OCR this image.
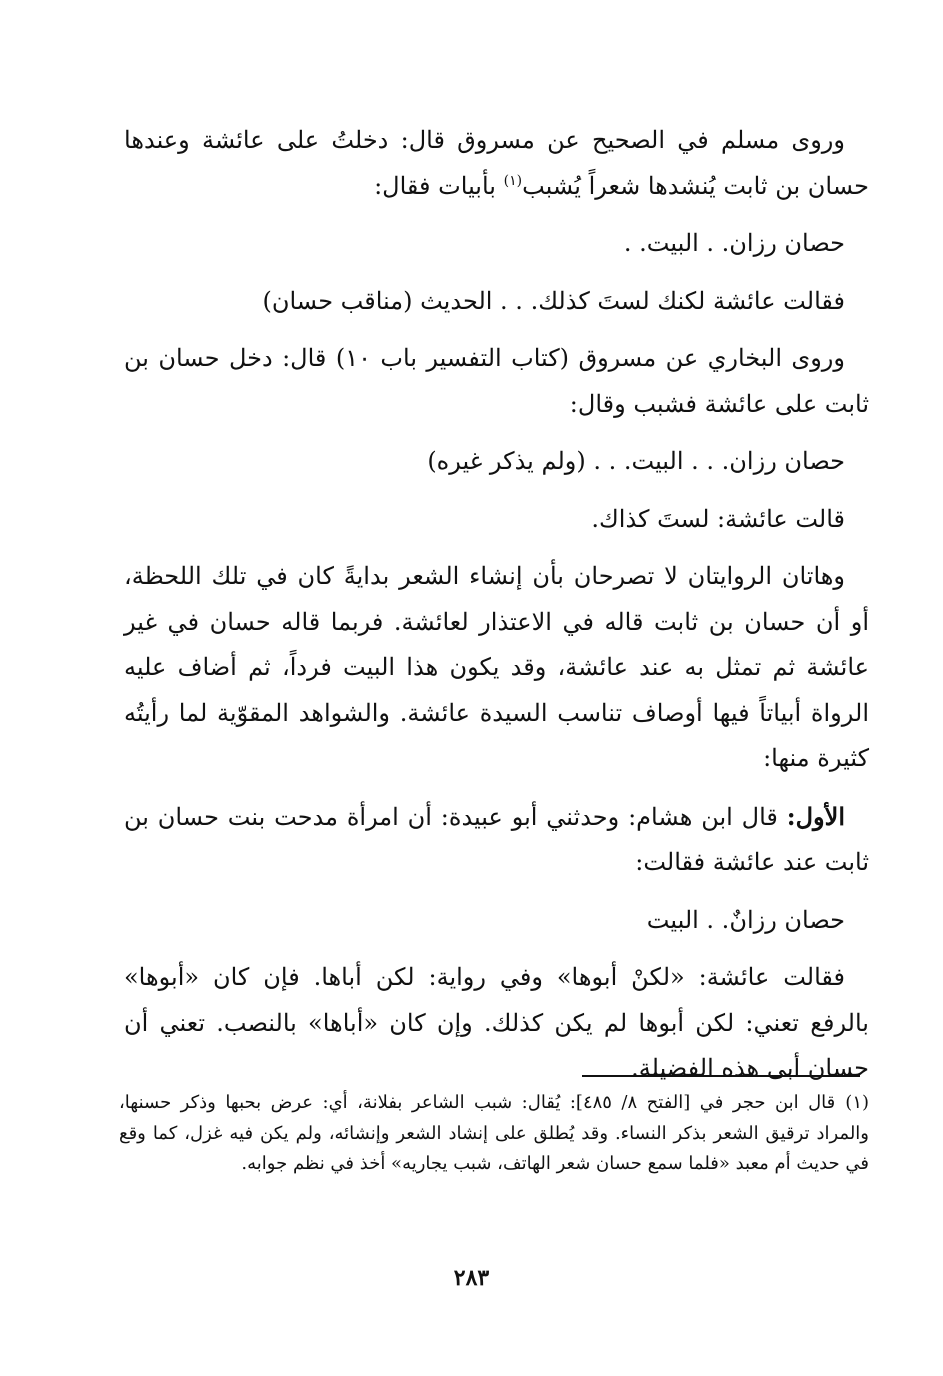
وروى مسلم في الصحيح عن مسروق قال: دخلتُ على عائشة وعندها حسان بن ثابت يُنشدها شعراً يُشبب$^{(١)}$ بأبيات فقال:

حصان رزان. . البيت. .

فقالت عائشة لكنك لستَ كذلك. . . الحديث (مناقب حسان)

وروى البخاري عن مسروق (كتاب التفسير باب ١٠) قال: دخل حسان بن ثابت على عائشة فشبب وقال:

حصان رزان. . . البيت. . . (ولم يذكر غيره)

قالت عائشة: لستَ كذاك.

وهاتان الروايتان لا تصرحان بأن إنشاء الشعر بدايةً كان في تلك اللحظة، أو أن حسان بن ثابت قاله في الاعتذار لعائشة. فربما قاله حسان في غير عائشة ثم تمثل به عند عائشة، وقد يكون هذا البيت فرداً، ثم أضاف عليه الرواة أبياتاً فيها أوصاف تناسب السيدة عائشة. والشواهد المقوّية لما رأيتُه كثيرة منها:

الأول: قال ابن هشام: وحدثني أبو عبيدة: أن امرأة مدحت بنت حسان بن ثابت عند عائشة فقالت:

حصان رزانٌ. . البيت

فقالت عائشة: «لكنْ أبوها» وفي رواية: لكن أباها. فإن كان «أبوها» بالرفع تعني: لكن أبوها لم يكن كذلك. وإن كان «أباها» بالنصب. تعني أن حسان أبى هذه الفضيلة.

(١)قال ابن حجر في [الفتح ٨/ ٤٨٥]: يُقال: شبب الشاعر بفلانة، أي: عرض بحبها وذكر حسنها، والمراد ترقيق الشعر بذكر النساء. وقد يُطلق على إنشاد الشعر وإنشائه، ولم يكن فيه غزل، كما وقع في حديث أم معبد «فلما سمع حسان شعر الهاتف، شبب يجاريه» أخذ في نظم جوابه.
٢٨٣
